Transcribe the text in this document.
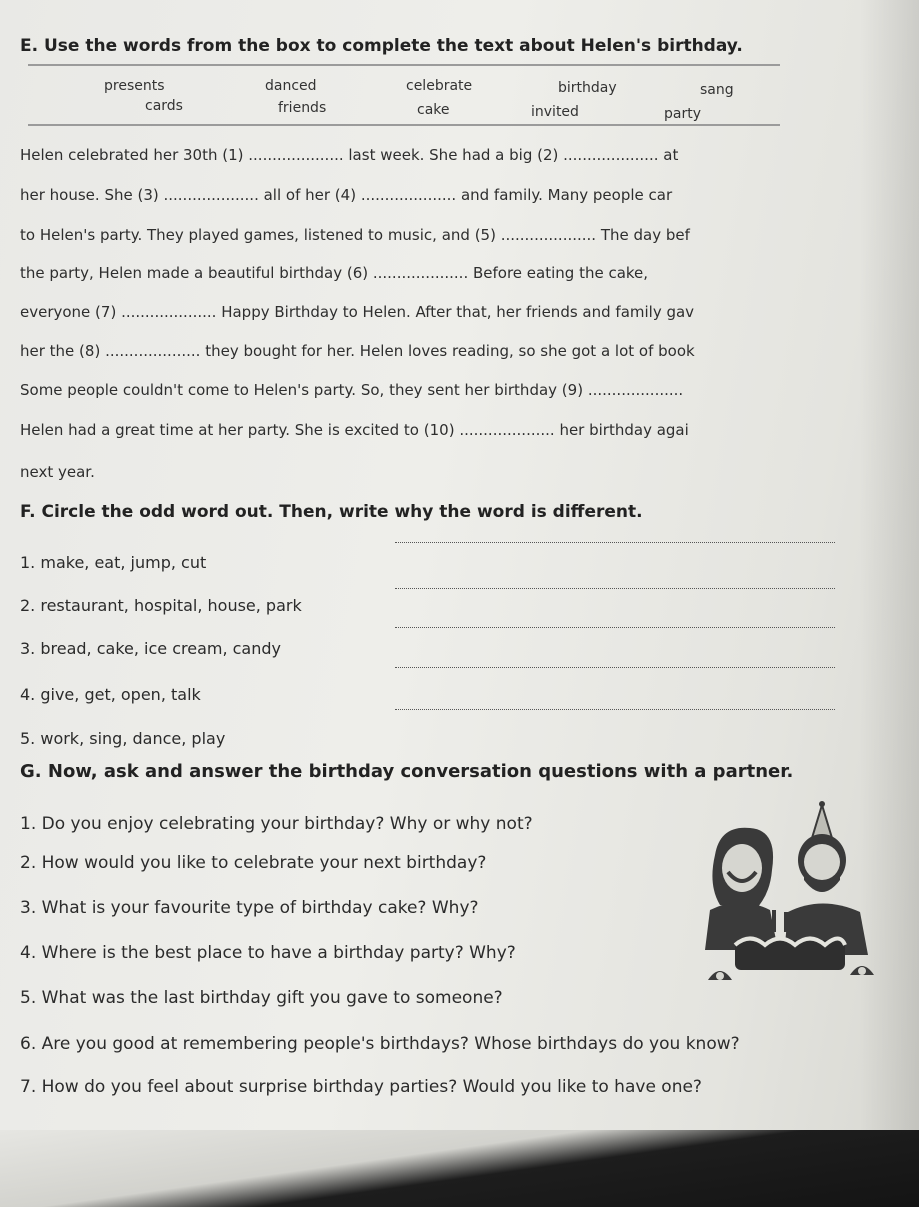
E. Use the words from the box to complete the text about Helen's birthday.
presents	danced	celebrate	birthday	sang
cards	friends	cake	invited	party
Helen celebrated her 30th (1) .................... last week. She had a big (2) .................... at
her house. She (3) .................... all of her (4) .................... and family. Many people car
to Helen's party. They played games, listened to music, and (5) .................... The day bef
the party, Helen made a beautiful birthday (6) .................... Before eating the cake,
everyone (7) .................... Happy Birthday to Helen. After that, her friends and family gav
her the (8) .................... they bought for her. Helen loves reading, so she got a lot of book
Some people couldn't come to Helen's party. So, they sent her birthday (9) ....................
Helen had a great time at her party. She is excited to (10) .................... her birthday agai
next year.
F. Circle the odd word out. Then, write why the word is different.
1. make, eat, jump, cut
2. restaurant, hospital, house, park
3. bread, cake, ice cream, candy
4. give, get, open, talk
5. work, sing, dance, play
G. Now, ask and answer the birthday conversation questions with a partner.
1. Do you enjoy celebrating your birthday? Why or why not?
2. How would you like to celebrate your next birthday?
3. What is your favourite type of birthday cake? Why?
4. Where is the best place to have a birthday party? Why?
5. What was the last birthday gift you gave to someone?
6. Are you good at remembering people's birthdays? Whose birthdays do you know?
7. How do you feel about surprise birthday parties? Would you like to have one?
